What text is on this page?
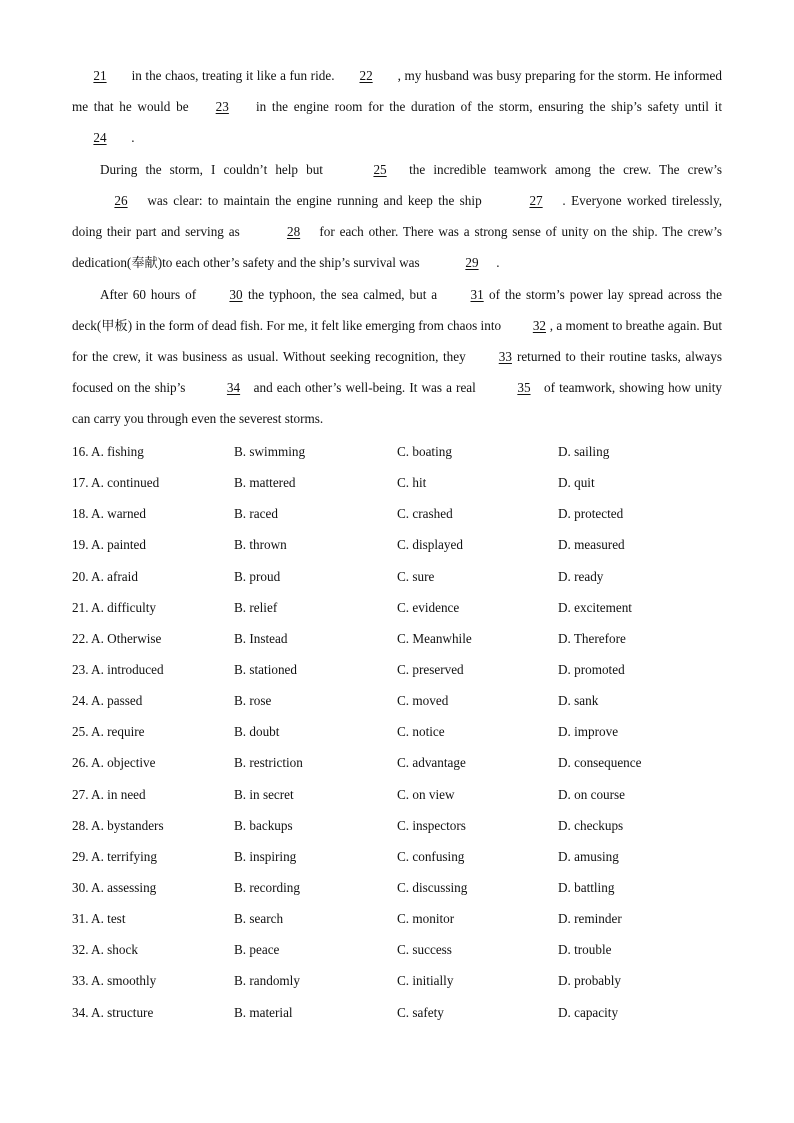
21 in the chaos, treating it like a fun ride. 22 , my husband was busy preparing for the storm. He informed me that he would be 23 in the engine room for the duration of the storm, ensuring the ship’s safety until it 24 .

During the storm, I couldn’t help but	25 the incredible teamwork among the crew. The crew’s 26 was clear: to maintain the engine running and keep the ship	27 . Everyone worked tirelessly, doing their part and serving as	28 for each other. There was a strong sense of unity on the ship. The crew’s dedication(奉献)to each other’s safety and the ship’s survival was	29 .

After 60 hours of 30 the typhoon, the sea calmed, but a 31 of the storm’s power lay spread across the deck(甲板) in the form of dead fish. For me, it felt like emerging from chaos into 32 , a moment to breathe again. But for the crew, it was business as usual. Without seeking recognition, they 33 returned to their routine tasks, always focused on the ship’s	34 and each other’s well-being. It was a real	35 of teamwork, showing how unity can carry you through even the severest storms.

16. A. fishing	B. swimming	C. boating	D. sailing
17. A. continued	B. mattered	C. hit	D. quit
18. A. warned	B. raced	C. crashed	D. protected
19. A. painted	B. thrown	C. displayed	D. measured
20. A. afraid	B. proud	C. sure	D. ready
21. A. difficulty	B. relief	C. evidence	D. excitement
22. A. Otherwise	B. Instead	C. Meanwhile	D. Therefore
23. A. introduced	B. stationed	C. preserved	D. promoted
24. A. passed	B. rose	C. moved	D. sank
25. A. require	B. doubt	C. notice	D. improve
26. A. objective	B. restriction	C. advantage	D. consequence
27. A. in need	B. in secret	C. on view	D. on course
28. A. bystanders	B. backups	C. inspectors	D. checkups
29. A. terrifying	B. inspiring	C. confusing	D. amusing
30. A. assessing	B. recording	C. discussing	D. battling
31. A. test	B. search	C. monitor	D. reminder
32. A. shock	B. peace	C. success	D. trouble
33. A. smoothly	B. randomly	C. initially	D. probably
34. A. structure	B. material	C. safety	D. capacity
